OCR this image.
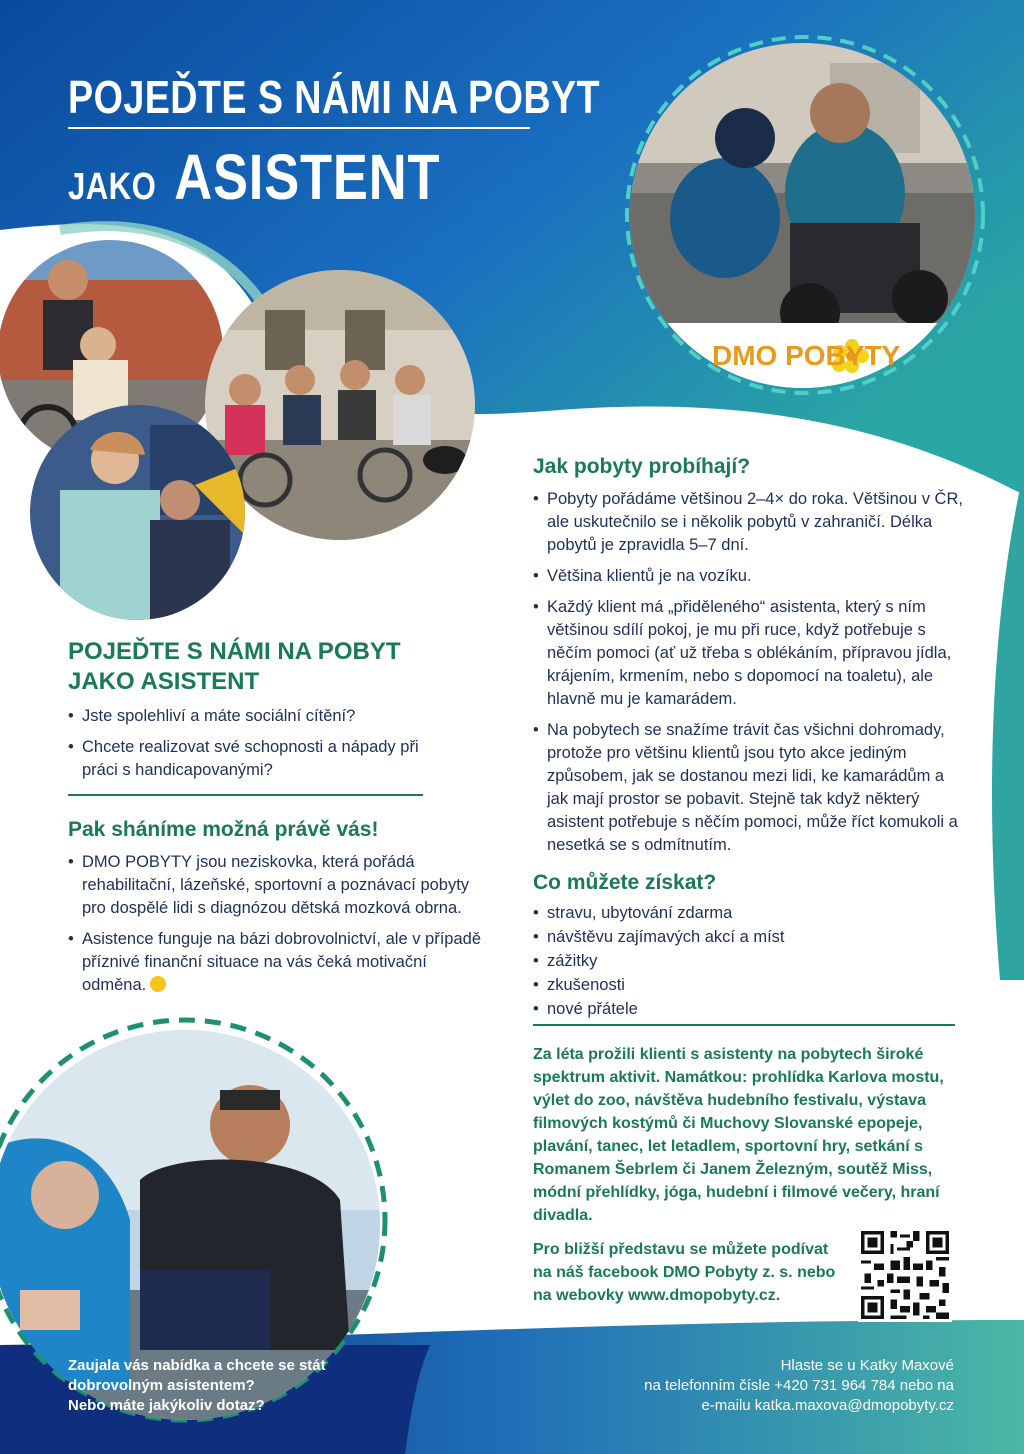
POJEĎTE S NÁMI NA POBYT
JAKO ASISTENT
DMO POBYTY
POJEĎTE S NÁMI NA POBYT JAKO ASISTENT
• Jste spolehliví a máte sociální cítění?
• Chcete realizovat své schopnosti a nápady při práci s handicapovanými?
Pak sháníme možná právě vás!
• DMO POBYTY jsou neziskovka, která pořádá rehabilitační, lázeňské, sportovní a poznávací pobyty pro dospělé lidi s diagnózou dětská mozková obrna.
• Asistence funguje na bázi dobrovolnictví, ale v případě příznivé finanční situace na vás čeká motivační odměna.
Jak pobyty probíhají?
• Pobyty pořádáme většinou 2–4× do roka. Většinou v ČR, ale uskutečnilo se i několik pobytů v zahraničí. Délka pobytů je zpravidla 5–7 dní.
• Většina klientů je na vozíku.
• Každý klient má „přiděleného“ asistenta, který s ním většinou sdílí pokoj, je mu při ruce, když potřebuje s něčím pomoci (ať už třeba s oblékáním, přípravou jídla, krájením, krmením, nebo s dopomocí na toaletu), ale hlavně mu je kamarádem.
• Na pobytech se snažíme trávit čas všichni dohromady, protože pro většinu klientů jsou tyto akce jediným způsobem, jak se dostanou mezi lidi, ke kamarádům a jak mají prostor se pobavit. Stejně tak když některý asistent potřebuje s něčím pomoci, může říct komukoli a nesetká se s odmítnutím.
Co můžete získat?
• stravu, ubytování zdarma
• návštěvu zajímavých akcí a míst
• zážitky
• zkušenosti
• nové přátele

Za léta prožili klienti s asistenty na pobytech široké spektrum aktivit. Namátkou: prohlídka Karlova mostu, výlet do zoo, návštěva hudebního festivalu, výstava filmových kostýmů či Muchovy Slovanské epopeje, plavání, tanec, let letadlem, sportovní hry, setkání s Romanem Šebrlem či Janem Železným, soutěž Miss, módní přehlídky, jóga, hudební i filmové večery, hraní divadla.

Pro bližší představu se můžete podívat na náš facebook DMO Pobyty z. s. nebo na webovky www.dmopobyty.cz.

Zaujala vás nabídka a chcete se stát
dobrovolným asistentem?
Nebo máte jakýkoliv dotaz?
Hlaste se u Katky Maxové
na telefonním čísle +420 731 964 784 nebo na
e-mailu katka.maxova@dmopobyty.cz
